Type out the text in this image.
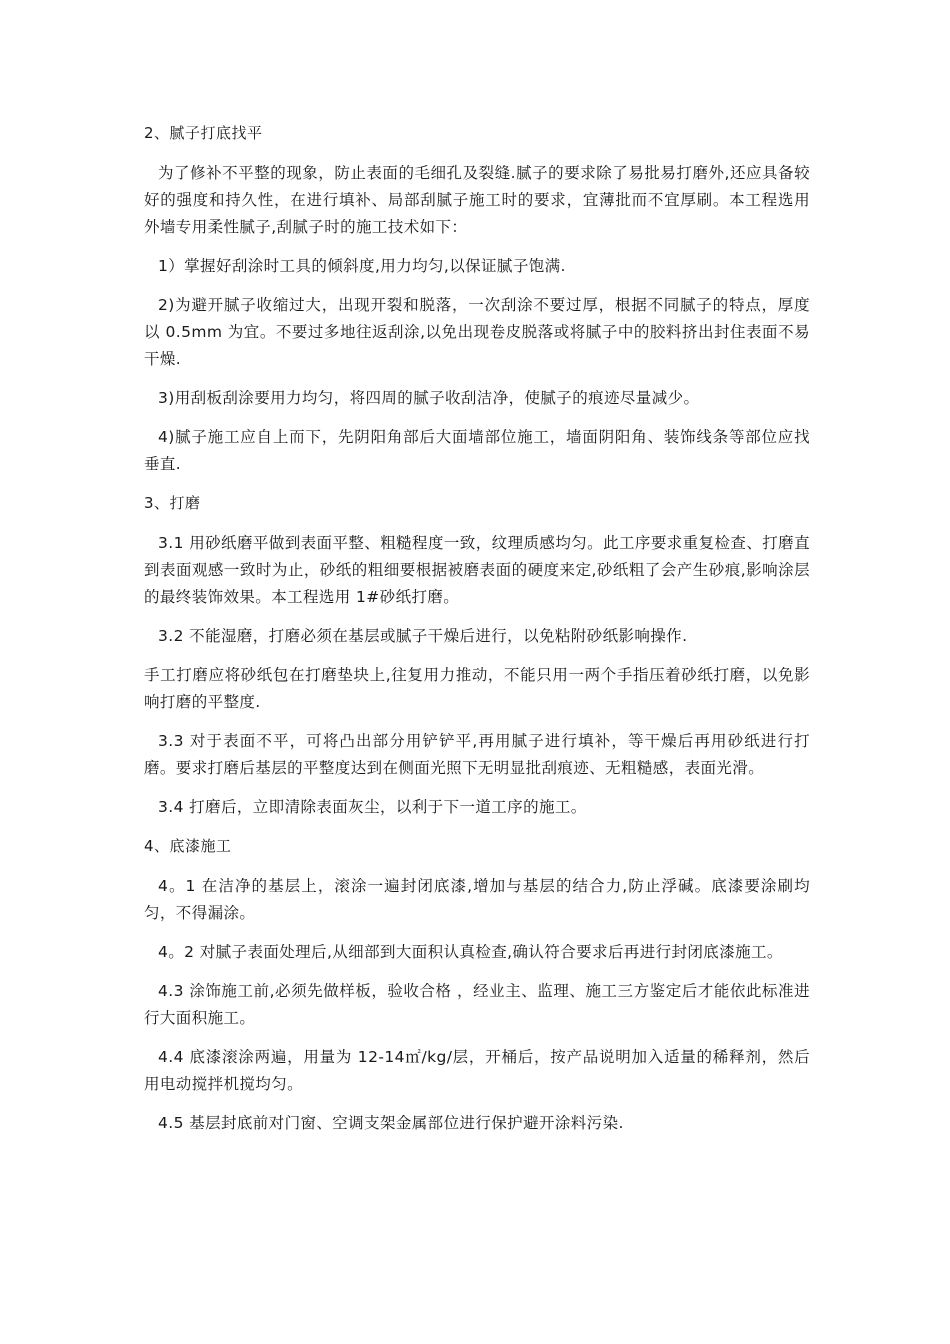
2、腻子打底找平

为了修补不平整的现象，防止表面的毛细孔及裂缝.腻子的要求除了易批易打磨外,还应具备较好的强度和持久性，在进行填补、局部刮腻子施工时的要求，宜薄批而不宜厚刷。本工程选用外墙专用柔性腻子,刮腻子时的施工技术如下：

1）掌握好刮涂时工具的倾斜度,用力均匀,以保证腻子饱满.

2)为避开腻子收缩过大，出现开裂和脱落，一次刮涂不要过厚，根据不同腻子的特点，厚度以 0.5mm 为宜。不要过多地往返刮涂,以免出现卷皮脱落或将腻子中的胶料挤出封住表面不易干燥.

3)用刮板刮涂要用力均匀，将四周的腻子收刮洁净，使腻子的痕迹尽量减少。

4)腻子施工应自上而下，先阴阳角部后大面墙部位施工，墙面阴阳角、装饰线条等部位应找垂直.

3、打磨

3.1 用砂纸磨平做到表面平整、粗糙程度一致，纹理质感均匀。此工序要求重复检查、打磨直到表面观感一致时为止，砂纸的粗细要根据被磨表面的硬度来定,砂纸粗了会产生砂痕,影响涂层的最终装饰效果。本工程选用 1#砂纸打磨。

3.2 不能湿磨，打磨必须在基层或腻子干燥后进行，以免粘附砂纸影响操作.

手工打磨应将砂纸包在打磨垫块上,往复用力推动，不能只用一两个手指压着砂纸打磨，以免影响打磨的平整度.

3.3 对于表面不平，可将凸出部分用铲铲平,再用腻子进行填补，等干燥后再用砂纸进行打磨。要求打磨后基层的平整度达到在侧面光照下无明显批刮痕迹、无粗糙感，表面光滑。

3.4 打磨后，立即清除表面灰尘，以利于下一道工序的施工。

4、底漆施工

4。1 在洁净的基层上，滚涂一遍封闭底漆,增加与基层的结合力,防止浮碱。底漆要涂刷均匀，不得漏涂。

4。2 对腻子表面处理后,从细部到大面积认真检查,确认符合要求后再进行封闭底漆施工。

4.3 涂饰施工前,必须先做样板，验收合格 ，经业主、监理、施工三方鉴定后才能依此标准进行大面积施工。

4.4 底漆滚涂两遍，用量为 12-14㎡/kg/层，开桶后，按产品说明加入适量的稀释剂，然后用电动搅拌机搅均匀。

4.5 基层封底前对门窗、空调支架金属部位进行保护避开涂料污染.
